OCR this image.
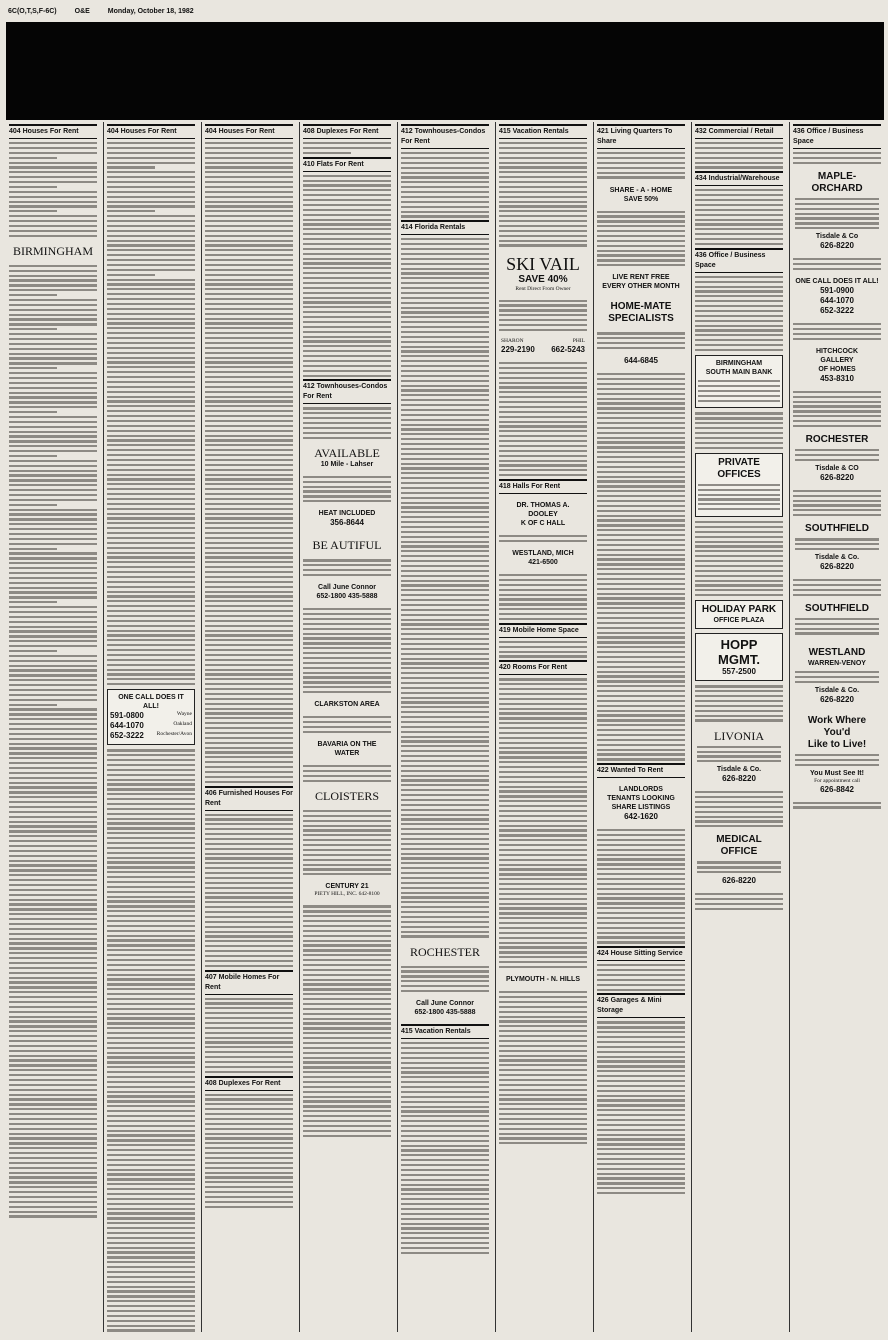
6C(O,T,S,F-6C)	O&E	Monday, October 18, 1982
404 Houses For Rent
BIRMINGHAM
404 Houses For Rent
ONE CALL DOES IT ALL!
591-0800	Wayne
644-1070	Oakland
652-3222 Rochester/Avon
404 Houses For Rent
406 Furnished Houses For Rent
407 Mobile Homes For Rent
408 Duplexes For Rent
408 Duplexes For Rent
410 Flats For Rent
412 Townhouses-Condos For Rent
AVAILABLE
10 Mile - Lahser
HEAT INCLUDED
356-8644
BE AUTIFUL
Call June Connor
652-1800 435-5888
CLARKSTON AREA
BAVARIA ON THE WATER
CLOISTERS
CENTURY 21
PIETY HILL, INC. 642-8100
412 Townhouses-Condos For Rent
414 Florida Rentals
ROCHESTER
Call June Connor
652-1800 435-5888
415 Vacation Rentals
415 Vacation Rentals
SKI VAIL
SAVE 40%
Rent Direct From Owner
SHARON	PHIL
229-2190 662-5243
418 Halls For Rent
DR. THOMAS A. DOOLEY
K OF C HALL
WESTLAND, MICH
421-6500
419 Mobile Home Space
420 Rooms For Rent
PLYMOUTH - N. HILLS
421 Living Quarters To Share
SHARE - A - HOME
SAVE 50%
LIVE RENT FREE
EVERY OTHER MONTH
HOME-MATE
SPECIALISTS
644-6845
422 Wanted To Rent
LANDLORDS
TENANTS LOOKING
SHARE LISTINGS
642-1620
424 House Sitting Service
426 Garages & Mini Storage
432 Commercial / Retail
434 Industrial/Warehouse
436 Office / Business Space
BIRMINGHAM
SOUTH MAIN BANK
PRIVATE OFFICES
HOLIDAY PARK
OFFICE PLAZA
HOPP MGMT.
557-2500
LIVONIA
Tisdale & Co.
626-8220
MEDICAL OFFICE
626-8220
436 Office / Business Space
MAPLE-ORCHARD
Tisdale & Co
626-8220
ONE CALL DOES IT ALL!
591-0900
644-1070
652-3222
HITCHCOCK
GALLERY
OF HOMES
453-8310
ROCHESTER
Tisdale & CO
626-8220
SOUTHFIELD
Tisdale & Co.
626-8220
SOUTHFIELD
WESTLAND
WARREN-VENOY
Tisdale & Co.
626-8220
Work Where You'd
Like to Live!
You Must See It!
For appointment call
626-8842
